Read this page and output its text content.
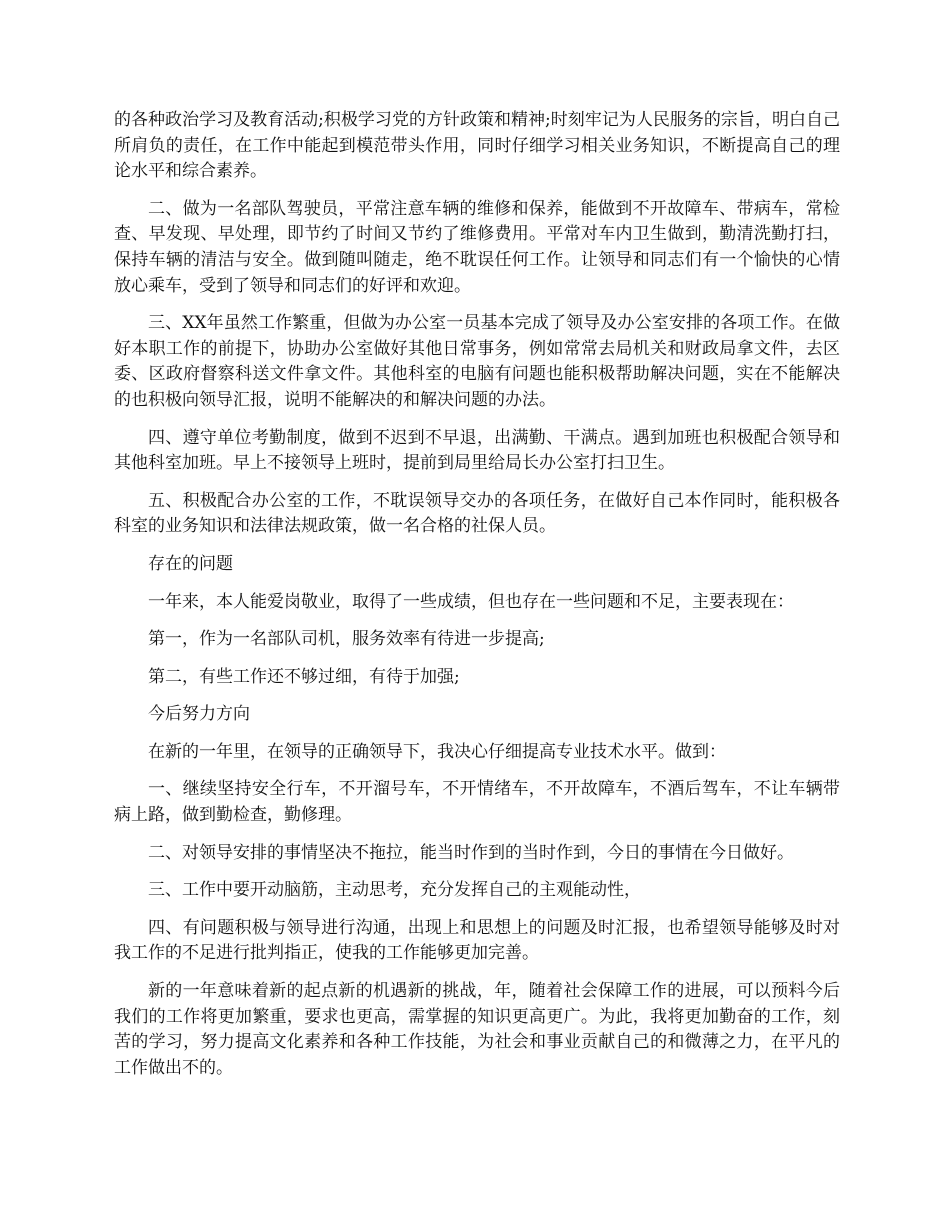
的各种政治学习及教育活动;积极学习党的方针政策和精神;时刻牢记为人民服务的宗旨，明白自己所肩负的责任，在工作中能起到模范带头作用，同时仔细学习相关业务知识，不断提高自己的理论水平和综合素养。

二、做为一名部队驾驶员，平常注意车辆的维修和保养，能做到不开故障车、带病车，常检查、早发现、早处理，即节约了时间又节约了维修费用。平常对车内卫生做到，勤清洗勤打扫，保持车辆的清洁与安全。做到随叫随走，绝不耽误任何工作。让领导和同志们有一个愉快的心情放心乘车，受到了领导和同志们的好评和欢迎。

三、XX年虽然工作繁重，但做为办公室一员基本完成了领导及办公室安排的各项工作。在做好本职工作的前提下，协助办公室做好其他日常事务，例如常常去局机关和财政局拿文件，去区委、区政府督察科送文件拿文件。其他科室的电脑有问题也能积极帮助解决问题，实在不能解决的也积极向领导汇报，说明不能解决的和解决问题的办法。

四、遵守单位考勤制度，做到不迟到不早退，出满勤、干满点。遇到加班也积极配合领导和其他科室加班。早上不接领导上班时，提前到局里给局长办公室打扫卫生。

五、积极配合办公室的工作，不耽误领导交办的各项任务，在做好自己本作同时，能积极各科室的业务知识和法律法规政策，做一名合格的社保人员。

存在的问题

一年来，本人能爱岗敬业，取得了一些成绩，但也存在一些问题和不足，主要表现在：

第一，作为一名部队司机，服务效率有待进一步提高;

第二，有些工作还不够过细，有待于加强;

今后努力方向

在新的一年里，在领导的正确领导下，我决心仔细提高专业技术水平。做到：

一、继续坚持安全行车，不开溜号车，不开情绪车，不开故障车，不酒后驾车，不让车辆带病上路，做到勤检查，勤修理。

二、对领导安排的事情坚决不拖拉，能当时作到的当时作到，今日的事情在今日做好。

三、工作中要开动脑筋，主动思考，充分发挥自己的主观能动性，

四、有问题积极与领导进行沟通，出现上和思想上的问题及时汇报，也希望领导能够及时对我工作的不足进行批判指正，使我的工作能够更加完善。

新的一年意味着新的起点新的机遇新的挑战，年，随着社会保障工作的进展，可以预料今后我们的工作将更加繁重，要求也更高，需掌握的知识更高更广。为此，我将更加勤奋的工作，刻苦的学习，努力提高文化素养和各种工作技能，为社会和事业贡献自己的和微薄之力，在平凡的工作做出不的。
